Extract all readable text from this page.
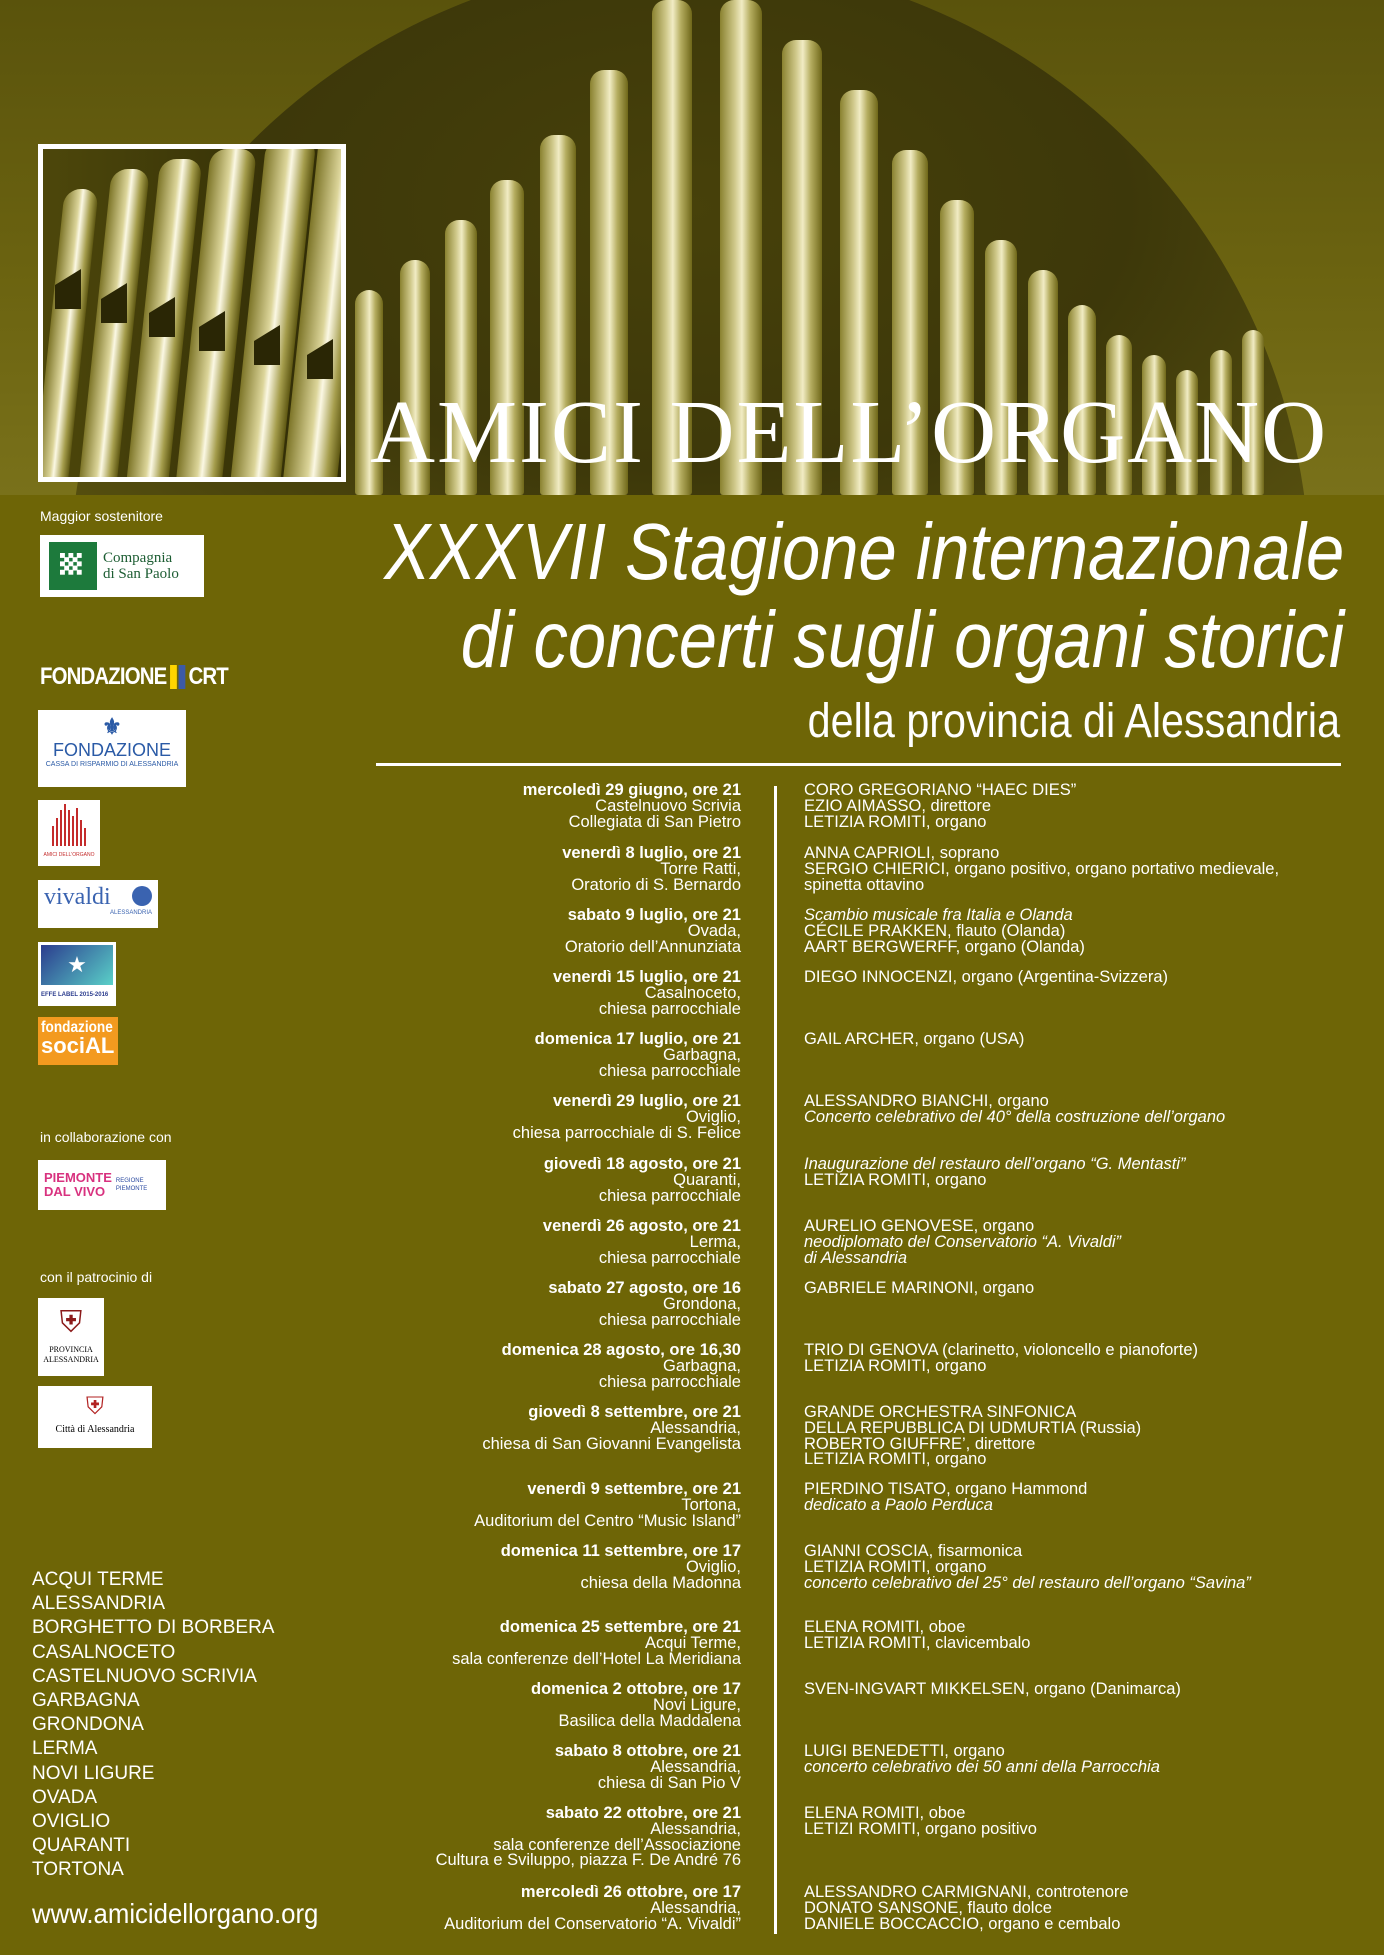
AMICI DELL’ORGANO
XXXVII Stagione internazionale
di concerti sugli organi storici
della provincia di Alessandria
Maggior sostenitore
Compagnia
di San Paolo
FONDAZIONE CRT
⚜
FONDAZIONE
CASSA DI RISPARMIO DI ALESSANDRIA
AMICI DELL'ORGANO
vivaldi
ALESSANDRIA
★
EFFE LABEL 2015-2016
fondazione
sociAL
in collaborazione con
PIEMONTE DAL VIVO
REGIONE PIEMONTE
con il patrocinio di
⛨
PROVINCIA ALESSANDRIA
⛨
Città di Alessandria
ACQUI TERME
ALESSANDRIA
BORGHETTO DI BORBERA
CASALNOCETO
CASTELNUOVO SCRIVIA
GARBAGNA
GRONDONA
LERMA
NOVI LIGURE
OVADA
OVIGLIO
QUARANTI
TORTONA
www.amicidellorgano.org
mercoledì 29 giugno, ore 21
Castelnuovo Scrivia
Collegiata di San Pietro
CORO GREGORIANO “HAEC DIES”
EZIO AIMASSO, direttore
LETIZIA ROMITI, organo
venerdì 8 luglio, ore 21
Torre Ratti,
Oratorio di S. Bernardo
ANNA CAPRIOLI, soprano
SERGIO CHIERICI, organo positivo, organo portativo medievale,
spinetta ottavino
sabato 9 luglio, ore 21
Ovada,
Oratorio dell’Annunziata
Scambio musicale fra Italia e Olanda
CÉCILE PRAKKEN, flauto (Olanda)
AART BERGWERFF, organo (Olanda)
venerdì 15 luglio, ore 21
Casalnoceto,
chiesa parrocchiale
DIEGO INNOCENZI, organo (Argentina-Svizzera)
domenica 17 luglio, ore 21
Garbagna,
chiesa parrocchiale
GAIL ARCHER, organo (USA)
venerdì 29 luglio, ore 21
Oviglio,
chiesa parrocchiale di S. Felice
ALESSANDRO BIANCHI, organo
Concerto celebrativo del 40° della costruzione dell’organo
giovedì 18 agosto, ore 21
Quaranti,
chiesa parrocchiale
Inaugurazione del restauro dell’organo “G. Mentasti”
LETIZIA ROMITI, organo
venerdì 26 agosto, ore 21
Lerma,
chiesa parrocchiale
AURELIO GENOVESE, organo
neodiplomato del Conservatorio “A. Vivaldi”
di Alessandria
sabato 27 agosto, ore 16
Grondona,
chiesa parrocchiale
GABRIELE MARINONI, organo
domenica 28 agosto, ore 16,30
Garbagna,
chiesa parrocchiale
TRIO DI GENOVA (clarinetto, violoncello e pianoforte)
LETIZIA ROMITI, organo
giovedì 8 settembre, ore 21
Alessandria,
chiesa di San Giovanni Evangelista
GRANDE ORCHESTRA SINFONICA
DELLA REPUBBLICA DI UDMURTIA (Russia)
ROBERTO GIUFFRE’, direttore
LETIZIA ROMITI, organo
venerdì 9 settembre, ore 21
Tortona,
Auditorium del Centro “Music Island”
PIERDINO TISATO, organo Hammond
dedicato a Paolo Perduca
domenica 11 settembre, ore 17
Oviglio,
chiesa della Madonna
GIANNI COSCIA, fisarmonica
LETIZIA ROMITI, organo
concerto celebrativo del 25° del restauro dell’organo “Savina”
domenica 25 settembre, ore 21
Acqui Terme,
sala conferenze dell’Hotel La Meridiana
ELENA ROMITI, oboe
LETIZIA ROMITI, clavicembalo
domenica 2 ottobre, ore 17
Novi Ligure,
Basilica della Maddalena
SVEN-INGVART MIKKELSEN, organo (Danimarca)
sabato 8 ottobre, ore 21
Alessandria,
chiesa di San Pio V
LUIGI BENEDETTI, organo
concerto celebrativo dei 50 anni della Parrocchia
sabato 22 ottobre, ore 21
Alessandria,
sala conferenze dell’Associazione
Cultura e Sviluppo, piazza F. De André 76
ELENA ROMITI, oboe
LETIZI ROMITI, organo positivo
mercoledì 26 ottobre, ore 17
Alessandria,
Auditorium del Conservatorio “A. Vivaldi”
ALESSANDRO CARMIGNANI, controtenore
DONATO SANSONE, flauto dolce
DANIELE BOCCACCIO, organo e cembalo
